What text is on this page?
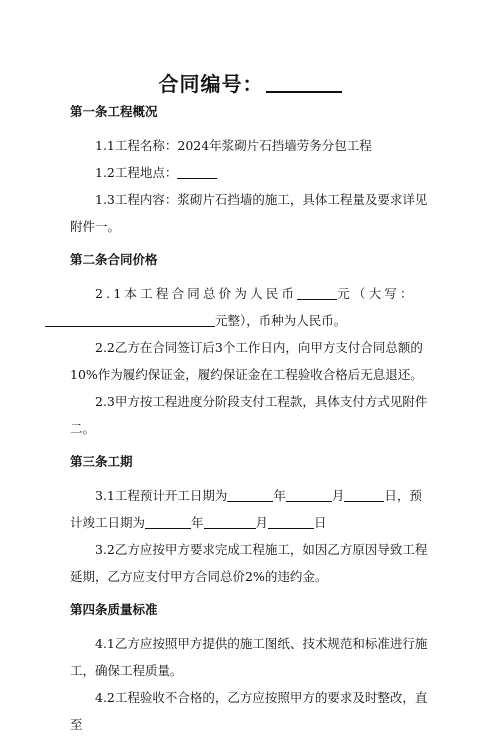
合同编号：

第一条工程概况

1.1工程名称：2024年浆砌片石挡墙劳务分包工程

1.2工程地点：

1.3工程内容：浆砌片石挡墙的施工，具体工程量及要求详见附件一。

第二条合同价格

2.1本工程合同总价为人民币	元（大写：
元整），币种为人民币。

2.2乙方在合同签订后3个工作日内，向甲方支付合同总额的10%作为履约保证金，履约保证金在工程验收合格后无息退还。

2.3甲方按工程进度分阶段支付工程款，具体支付方式见附件二。

第三条工期

3.1工程预计开工日期为	年	月	日，预计竣工日期为	年	月	日

3.2乙方应按甲方要求完成工程施工，如因乙方原因导致工程延期，乙方应支付甲方合同总价2%的违约金。

第四条质量标准

4.1乙方应按照甲方提供的施工图纸、技术规范和标准进行施工，确保工程质量。

4.2工程验收不合格的，乙方应按照甲方的要求及时整改，直至
